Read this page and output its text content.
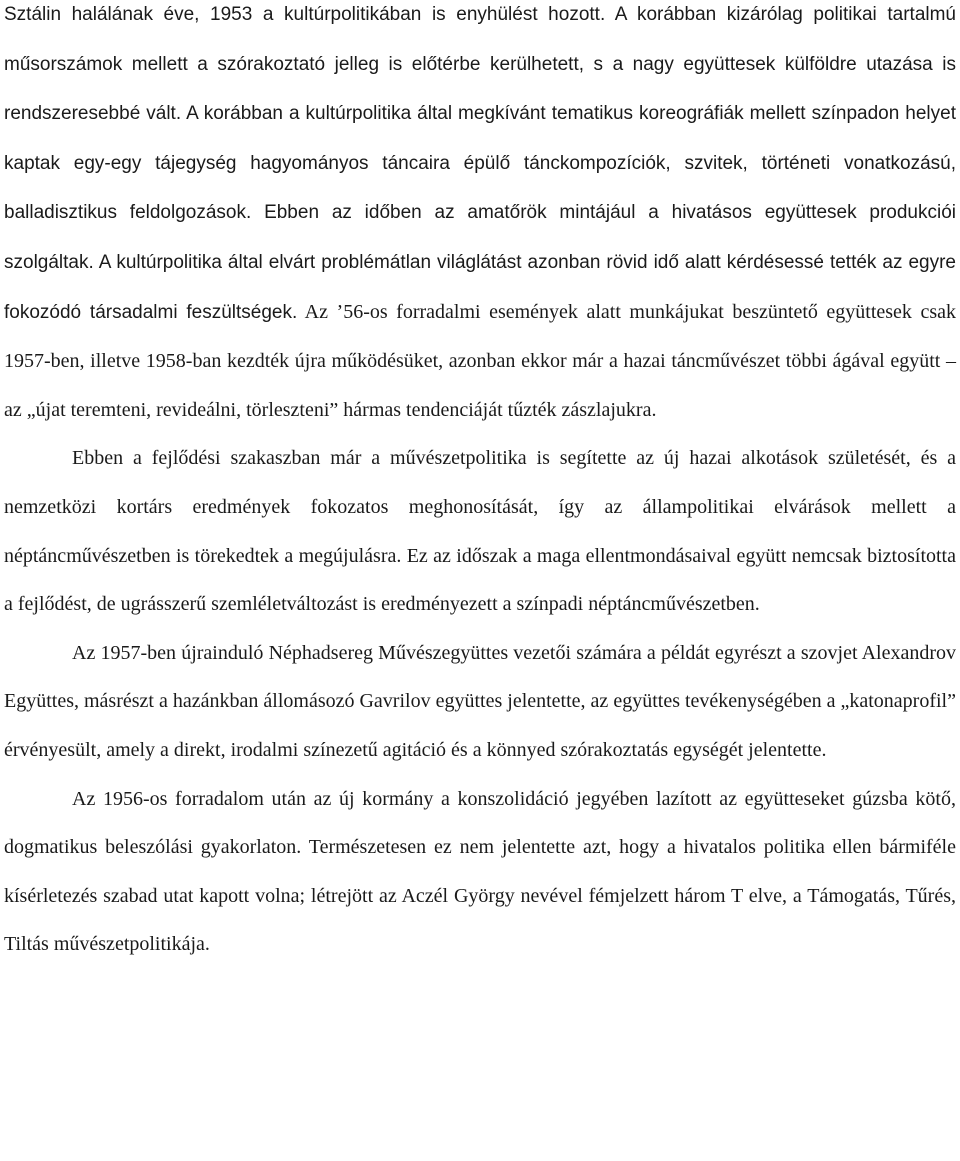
Sztálin halálának éve, 1953 a kultúrpolitikában is enyhülést hozott. A korábban kizárólag politikai tartalmú műsorszámok mellett a szórakoztató jelleg is előtérbe kerülhetett, s a nagy együttesek külföldre utazása is rendszeresebbé vált. A korábban a kultúrpolitika által megkívánt tematikus koreográfiák mellett színpadon helyet kaptak egy-egy tájegység hagyományos táncaira épülő tánckompozíciók, szvitek, történeti vonatkozású, balladisztikus feldolgozások. Ebben az időben az amatőrök mintájául a hivatásos együttesek produkciói szolgáltak. A kultúrpolitika által elvárt problémátlan világlátást azonban rövid idő alatt kérdésessé tették az egyre fokozódó társadalmi feszültségek. Az ’56-os forradalmi események alatt munkájukat beszüntető együttesek csak 1957-ben, illetve 1958-ban kezdték újra működésüket, azonban ekkor már a hazai táncművészet többi ágával együtt – az „újat teremteni, revideálni, törleszteni” hármas tendenciáját tűzték zászlajukra.

Ebben a fejlődési szakaszban már a művészetpolitika is segítette az új hazai alkotások születését, és a nemzetközi kortárs eredmények fokozatos meghonosítását, így az állampolitikai elvárások mellett a néptáncművészetben is törekedtek a megújulásra. Ez az időszak a maga ellentmondásaival együtt nemcsak biztosította a fejlődést, de ugrásszerű szemléletváltozást is eredményezett a színpadi néptáncművészetben.

Az 1957-ben újrainduló Néphadsereg Művészegyüttes vezetői számára a példát egyrészt a szovjet Alexandrov Együttes, másrészt a hazánkban állomásozó Gavrilov együttes jelentette, az együttes tevékenységében a „katonaprofil” érvényesült, amely a direkt, irodalmi színezetű agitáció és a könnyed szórakoztatás egységét jelentette.

Az 1956-os forradalom után az új kormány a konszolidáció jegyében lazított az együtteseket gúzsba kötő, dogmatikus beleszólási gyakorlaton. Természetesen ez nem jelentette azt, hogy a hivatalos politika ellen bármiféle kísérletezés szabad utat kapott volna; létrejött az Aczél György nevével fémjelzett három T elve, a Támogatás, Tűrés, Tiltás művészetpolitikája.
